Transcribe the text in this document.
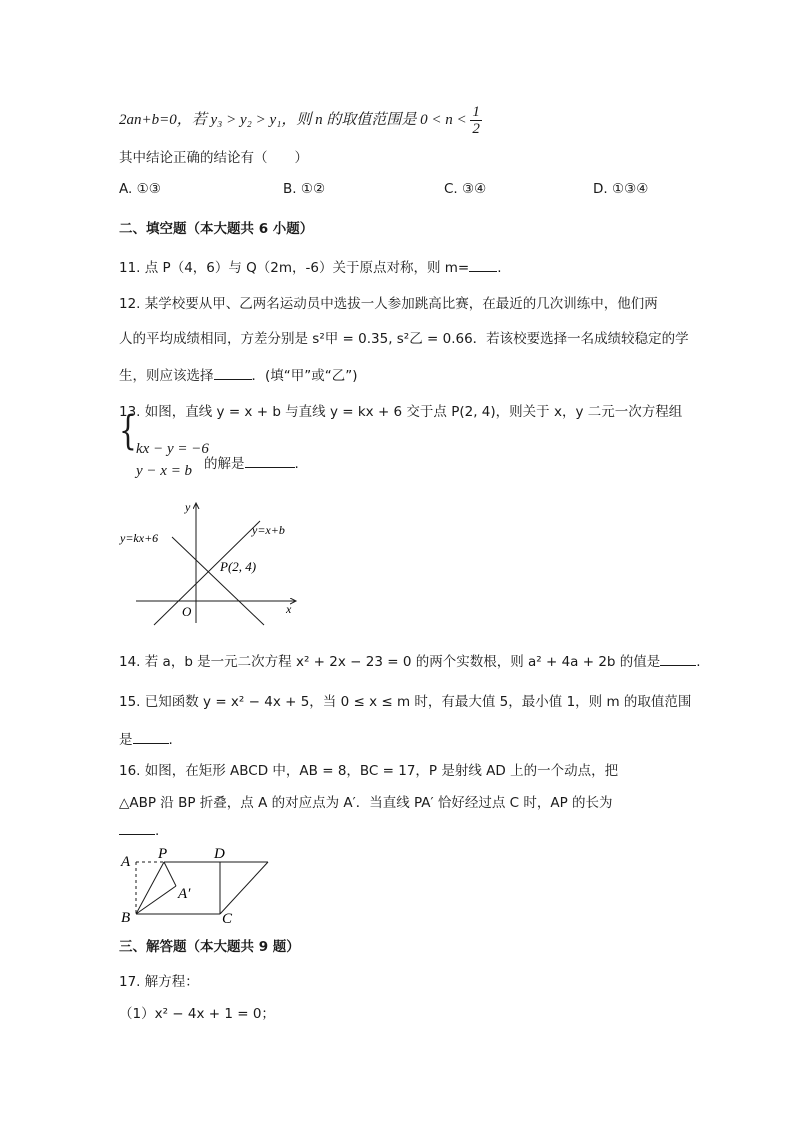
2an+b=0，若 y₃ > y₂ > y₁，则 n 的取值范围是 $0 < n < \frac{1}{2}$
其中结论正确的结论有（　　）
A. ①③	B. ①②	C. ③④	D. ①③④
二、填空题（本大题共 6 小题）
11. 点 P（4，6）与 Q（2m，-6）关于原点对称，则 m= .
12. 某学校要从甲、乙两名运动员中选拔一人参加跳高比赛，在最近的几次训练中，他们两
人的平均成绩相同，方差分别是 s²甲 = 0.35, s²乙 = 0.66．若该校要选择一名成绩较稳定的学
生，则应该选择	．(填“甲”或“乙”)
13. 如图，直线 y = x + b 与直线 y = kx + 6 交于点 P(2, 4)，则关于 x，y 二元一次方程组
{ kx − y = −6
y − x = b 的解是	.
y=kx+6
y=x+b
P(2, 4)
O	x
y
14. 若 a，b 是一元二次方程 x² + 2x − 23 = 0 的两个实数根，则 a² + 4a + 2b 的值是	.
15. 已知函数 y = x² − 4x + 5，当 0 ≤ x ≤ m 时，有最大值 5，最小值 1，则 m 的取值范围
是	.
16. 如图，在矩形 ABCD 中，AB = 8，BC = 17，P 是射线 AD 上的一个动点，把
△ABP 沿 BP 折叠，点 A 的对应点为 A′．当直线 PA′ 恰好经过点 C 时，AP 的长为
.
A P	D
A′
B	C
三、解答题（本大题共 9 题）
17. 解方程：
（1）x² − 4x + 1 = 0；
